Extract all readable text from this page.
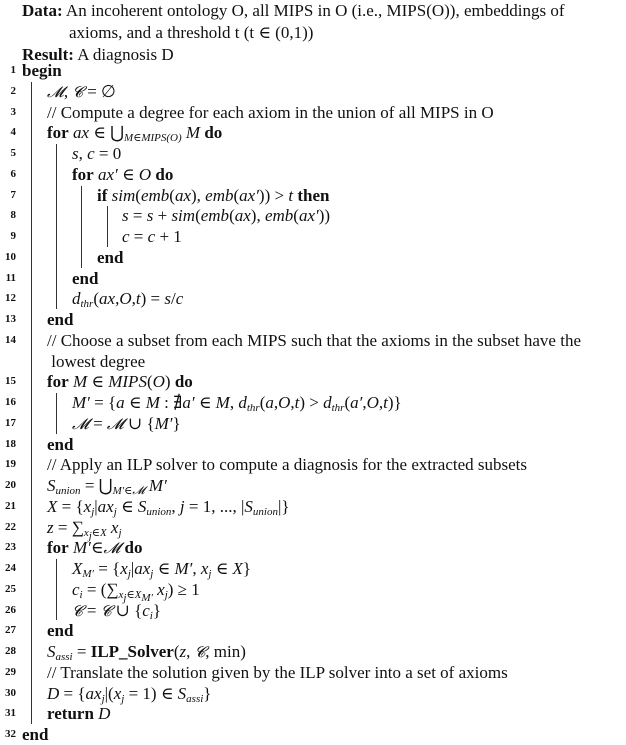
Data: An incoherent ontology O, all MIPS in O (i.e., MIPS(O)), embeddings of
axioms, and a threshold t (t ∈ (0,1))
Result: A diagnosis D
1 begin
2 𝓜, 𝓒 = ∅
3 // Compute a degree for each axiom in the union of all MIPS in O
4 for ax ∈ $⋃_{M\in MIPS(O)}$ M do
5	s, c = 0
6	for ax′ ∈ O do
7	if sim(emb(ax), emb(ax′)) > t then
8	s = s + sim(emb(ax), emb(ax′))
9	c = c + 1
10	end
11	end
12	$d_{thr}(ax,O,t) = s/c$
13 end
14 // Choose a subset from each MIPS such that the axioms in the subset have the
lowest degree
15 for M ∈ MIPS(O) do
16	M′ = {a ∈ M : ∄a′ ∈ M, $d_{thr}(a,O,t) > d_{thr}(a',O,t)$}
17	𝓜 = 𝓜 ∪ {M′}
18 end
19 // Apply an ILP solver to compute a diagnosis for the extracted subsets
20 $S_{union}$ = $⋃_{M'\in 𝓜}$ M′
21 $X = \{x_j|ax_j$ ∈ $S_{union}$, j = 1, ..., $|S_{union}|$}
22 $z = \sum_{x_j\in X}$ $x_j$
23 for M′∈𝓜 do
24	$X_{M'} = \{x_j|ax_j$ ∈ M′, $x_j$ ∈ X}
25	$c_i = (\sum_{x_j\in X_{M'}}$ $x_j) \ge 1$
26	𝓒 = 𝓒 ∪ $\{c_i\}$
27 end
28 $S_{assi}$ = ILP_Solver(z, 𝓒, min)
29 // Translate the solution given by the ILP solver into a set of axioms
30 $D = \{ax_j|(x_j = 1)$ ∈ $S_{assi}$}
31 return D
32 end
